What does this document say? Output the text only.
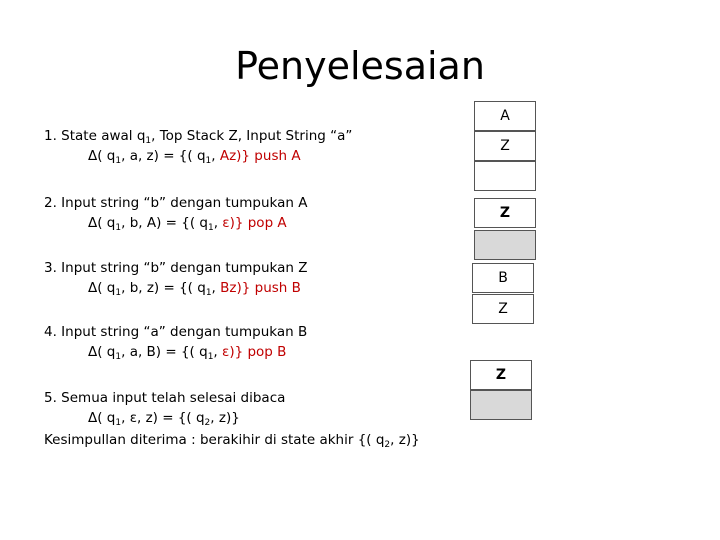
Penyelesaian
1. State awal $q_1$, Top Stack Z, Input String “a”
Δ( $q_1$, a, z) = {( $q_1$, Az)} push A
2. Input string “b” dengan tumpukan A
Δ( $q_1$, b, A) = {( $q_1$, ε)} pop A
3. Input string “b” dengan tumpukan Z
Δ( $q_1$, b, z) = {( $q_1$, Bz)} push B
4. Input string “a” dengan tumpukan B
Δ( $q_1$, a, B) = {( $q_1$, ε)} pop B
5. Semua input telah selesai dibaca
Δ( $q_1$, ε, z) = {( $q_2$, z)}
Kesimpullan diterima : berakihir di state akhir {( $q_2$, z)}
A
Z
Z
B
Z
Z
